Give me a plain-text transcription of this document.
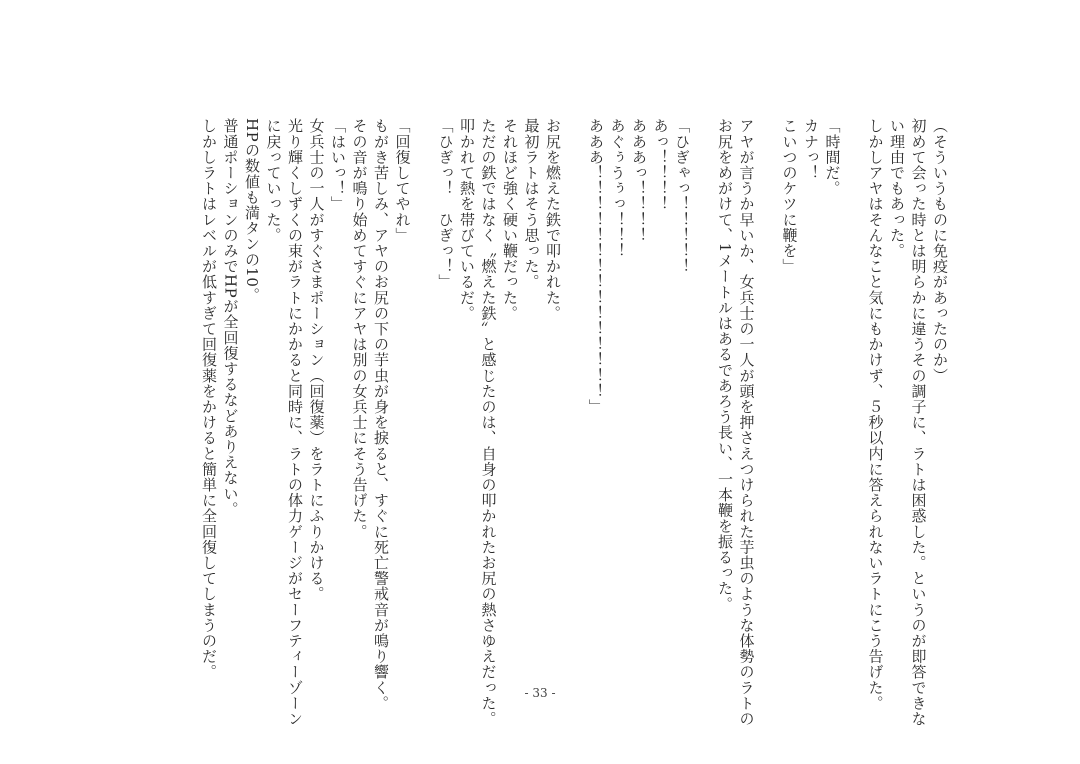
（そういうものに免疫があったのか）
初めて会った時とは明らかに違うその調子に、ラトは困惑した。というのが即答できな
い理由でもあった。
しかしアヤはそんなこと気にもかけず、５秒以内に答えられないラトにこう告げた。
「時間だ。
カナっ！
こいつのケツに鞭を」
アヤが言うか早いか、女兵士の一人が頭を押さえつけられた芋虫のような体勢のラトの
お尻をめがけて、1メートルはあるであろう長い、一本鞭を振るった。
「ひぎゃっ！！！！！
あっ！！！！
あああっ！！！！
あぐぅうぅっ！！！
あああ！！！！！！！！！！！！！！！」
お尻を燃えた鉄で叩かれた。
最初ラトはそう思った。
それほど強く硬い鞭だった。
ただの鉄ではなく〝燃えた鉄〟と感じたのは、自身の叩かれたお尻の熱さゆえだった。
叩かれて熱を帯びているだ。
「ひぎっ！　ひぎっ！」
「回復してやれ」
もがき苦しみ、アヤのお尻の下の芋虫が身を捩ると、すぐに死亡警戒音が鳴り響く。
その音が鳴り始めてすぐにアヤは別の女兵士にそう告げた。
「はいっ！」
女兵士の一人がすぐさまポーション（回復薬）をラトにふりかける。
光り輝くしずくの束がラトにかかると同時に、ラトの体力ゲージがセーフティーゾーン
に戻っていった。
HPの数値も満タンの10。
普通ポーションのみでHPが全回復するなどありえない。
しかしラトはレベルが低すぎて回復薬をかけると簡単に全回復してしまうのだ。
- 33 -
